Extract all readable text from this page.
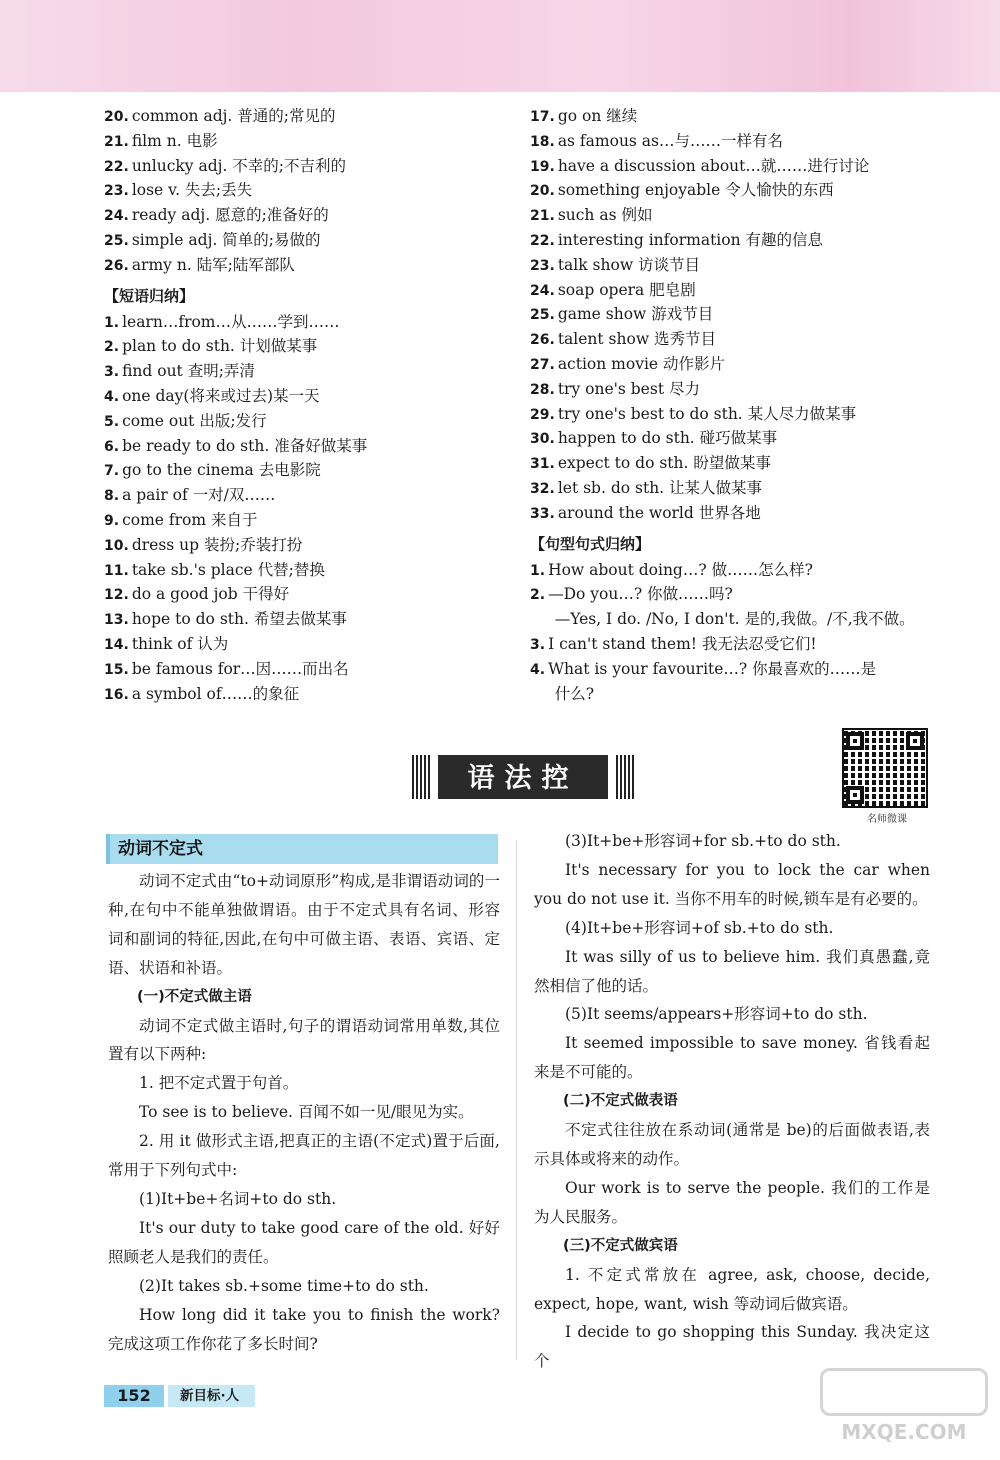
20. common adj. 普通的;常见的
21. film n. 电影
22. unlucky adj. 不幸的;不吉利的
23. lose v. 失去;丢失
24. ready adj. 愿意的;准备好的
25. simple adj. 简单的;易做的
26. army n. 陆军;陆军部队
【短语归纳】
1. learn…from…从……学到……
2. plan to do sth. 计划做某事
3. find out 查明;弄清
4. one day(将来或过去)某一天
5. come out 出版;发行
6. be ready to do sth. 准备好做某事
7. go to the cinema 去电影院
8. a pair of 一对/双……
9. come from 来自于
10. dress up 装扮;乔装打扮
11. take sb.'s place 代替;替换
12. do a good job 干得好
13. hope to do sth. 希望去做某事
14. think of 认为
15. be famous for…因……而出名
16. a symbol of……的象征
17. go on 继续
18. as famous as…与……一样有名
19. have a discussion about…就……进行讨论
20. something enjoyable 令人愉快的东西
21. such as 例如
22. interesting information 有趣的信息
23. talk show 访谈节目
24. soap opera 肥皂剧
25. game show 游戏节目
26. talent show 选秀节目
27. action movie 动作影片
28. try one's best 尽力
29. try one's best to do sth. 某人尽力做某事
30. happen to do sth. 碰巧做某事
31. expect to do sth. 盼望做某事
32. let sb. do sth. 让某人做某事
33. around the world 世界各地
【句型句式归纳】
1. How about doing…? 做……怎么样?
2. —Do you…? 你做……吗?
—Yes, I do. /No, I don't. 是的,我做。/不,我不做。
3. I can't stand them! 我无法忍受它们!
4. What is your favourite…? 你最喜欢的……是
什么?
语法控
名师微课
动词不定式
动词不定式由“to+动词原形”构成,是非谓语动词的一种,在句中不能单独做谓语。由于不定式具有名词、形容词和副词的特征,因此,在句中可做主语、表语、宾语、定语、状语和补语。
(一)不定式做主语
动词不定式做主语时,句子的谓语动词常用单数,其位置有以下两种:
1. 把不定式置于句首。
To see is to believe. 百闻不如一见/眼见为实。
2. 用 it 做形式主语,把真正的主语(不定式)置于后面,常用于下列句式中:
(1)It+be+名词+to do sth.
It's our duty to take good care of the old. 好好照顾老人是我们的责任。
(2)It takes sb.+some time+to do sth.
How long did it take you to finish the work? 完成这项工作你花了多长时间?
(3)It+be+形容词+for sb.+to do sth.
It's necessary for you to lock the car when you do not use it. 当你不用车的时候,锁车是有必要的。
(4)It+be+形容词+of sb.+to do sth.
It was silly of us to believe him. 我们真愚蠢,竟然相信了他的话。
(5)It seems/appears+形容词+to do sth.
It seemed impossible to save money. 省钱看起来是不可能的。
(二)不定式做表语
不定式往往放在系动词(通常是 be)的后面做表语,表示具体或将来的动作。
Our work is to serve the people. 我们的工作是为人民服务。
(三)不定式做宾语
1. 不定式常放在 agree, ask, choose, decide, expect, hope, want, wish 等动词后做宾语。
I decide to go shopping this Sunday. 我决定这个
152	新目标·人
MXQE.COM
